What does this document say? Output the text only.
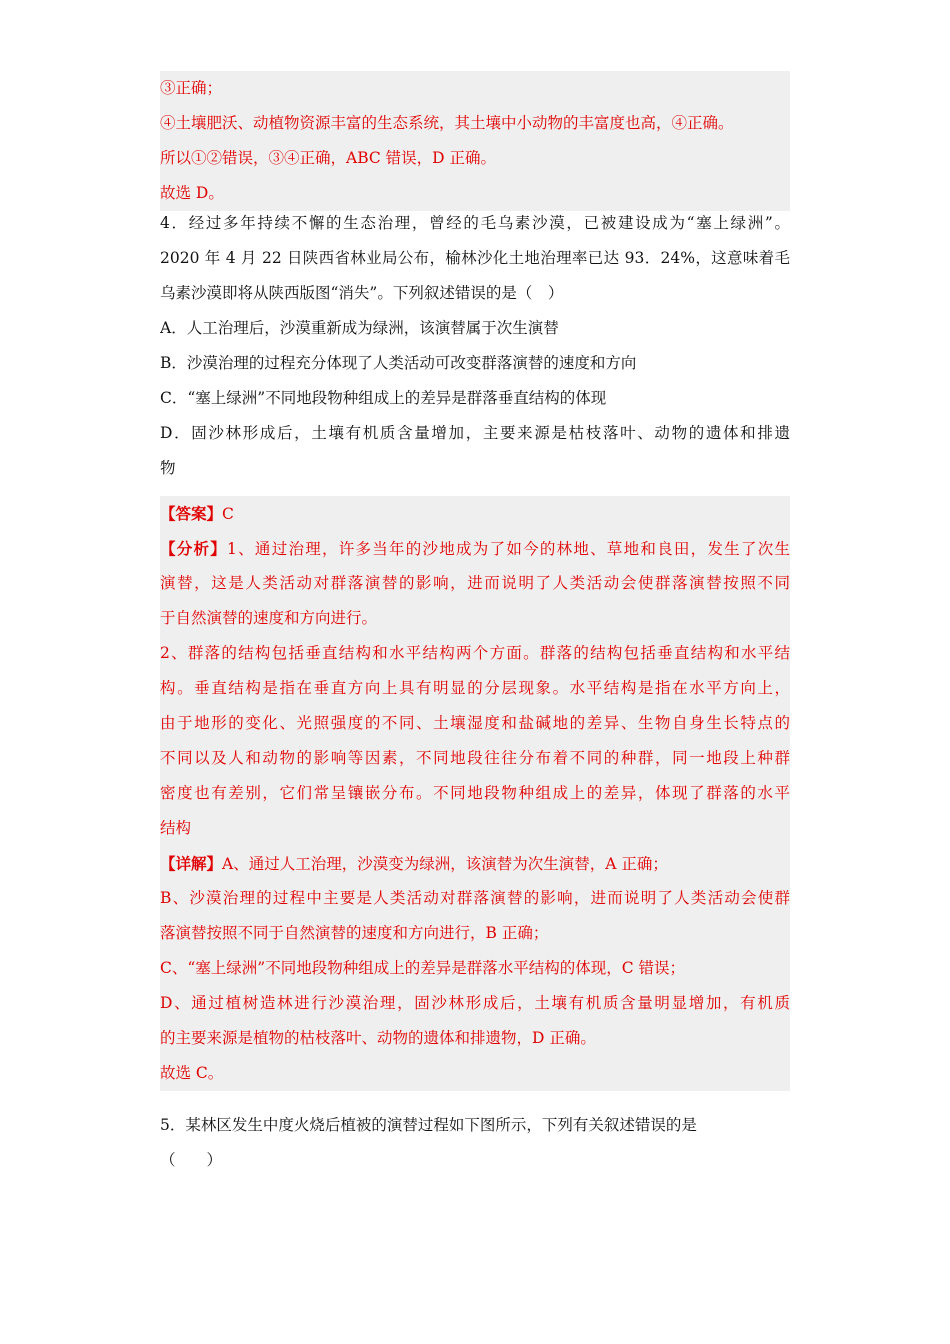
③正确；
④土壤肥沃、动植物资源丰富的生态系统，其土壤中小动物的丰富度也高，④正确。
所以①②错误，③④正确，ABC 错误，D 正确。
故选 D。
4．经过多年持续不懈的生态治理，曾经的毛乌素沙漠，已被建设成为“塞上绿洲”。
2020 年 4 月 22 日陕西省林业局公布，榆林沙化土地治理率已达 93．24%，这意味着毛
乌素沙漠即将从陕西版图“消失”。下列叙述错误的是（　）
A．人工治理后，沙漠重新成为绿洲，该演替属于次生演替
B．沙漠治理的过程充分体现了人类活动可改变群落演替的速度和方向
C．“塞上绿洲”不同地段物种组成上的差异是群落垂直结构的体现
D．固沙林形成后，土壤有机质含量增加，主要来源是枯枝落叶、动物的遗体和排遗
物
【答案】C
【分析】1、通过治理，许多当年的沙地成为了如今的林地、草地和良田，发生了次生
演替，这是人类活动对群落演替的影响，进而说明了人类活动会使群落演替按照不同
于自然演替的速度和方向进行。
2、群落的结构包括垂直结构和水平结构两个方面。群落的结构包括垂直结构和水平结
构。垂直结构是指在垂直方向上具有明显的分层现象。水平结构是指在水平方向上，
由于地形的变化、光照强度的不同、土壤湿度和盐碱地的差异、生物自身生长特点的
不同以及人和动物的影响等因素，不同地段往往分布着不同的种群，同一地段上种群
密度也有差别，它们常呈镶嵌分布。不同地段物种组成上的差异，体现了群落的水平
结构
【详解】A、通过人工治理，沙漠变为绿洲，该演替为次生演替，A 正确；
B、沙漠治理的过程中主要是人类活动对群落演替的影响，进而说明了人类活动会使群
落演替按照不同于自然演替的速度和方向进行，B 正确；
C、“塞上绿洲”不同地段物种组成上的差异是群落水平结构的体现，C 错误；
D、通过植树造林进行沙漠治理，固沙林形成后，土壤有机质含量明显增加，有机质
的主要来源是植物的枯枝落叶、动物的遗体和排遗物，D 正确。
故选 C。
5．某林区发生中度火烧后植被的演替过程如下图所示，下列有关叙述错误的是
（　　）
